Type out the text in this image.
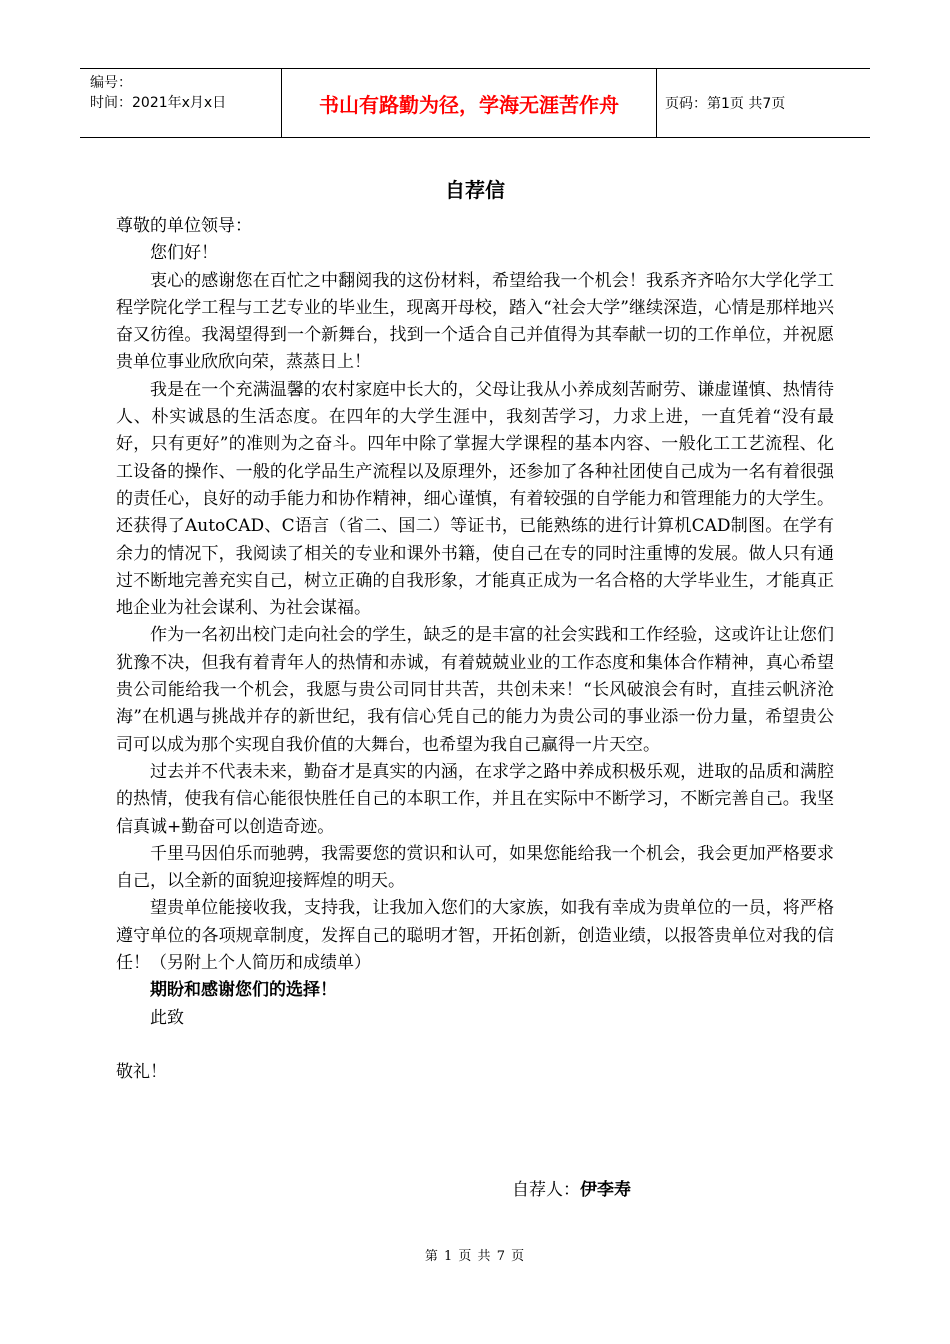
编号：
时间：2021年x月x日	书山有路勤为径，学海无涯苦作舟	页码：第1页 共7页
自荐信

尊敬的单位领导：

您们好！

衷心的感谢您在百忙之中翻阅我的这份材料，希望给我一个机会！我系齐齐哈尔大学化学工程学院化学工程与工艺专业的毕业生，现离开母校，踏入“社会大学”继续深造，心情是那样地兴奋又彷徨。我渴望得到一个新舞台，找到一个适合自己并值得为其奉献一切的工作单位，并祝愿贵单位事业欣欣向荣，蒸蒸日上！

我是在一个充满温馨的农村家庭中长大的，父母让我从小养成刻苦耐劳、谦虚谨慎、热情待人、朴实诚恳的生活态度。在四年的大学生涯中，我刻苦学习，力求上进，一直凭着“没有最好，只有更好”的准则为之奋斗。四年中除了掌握大学课程的基本内容、一般化工工艺流程、化工设备的操作、一般的化学品生产流程以及原理外，还参加了各种社团使自己成为一名有着很强的责任心，良好的动手能力和协作精神，细心谨慎，有着较强的自学能力和管理能力的大学生。还获得了AutoCAD、C语言（省二、国二）等证书，已能熟练的进行计算机CAD制图。在学有余力的情况下，我阅读了相关的专业和课外书籍，使自己在专的同时注重博的发展。做人只有通过不断地完善充实自己，树立正确的自我形象，才能真正成为一名合格的大学毕业生，才能真正地企业为社会谋利、为社会谋福。

作为一名初出校门走向社会的学生，缺乏的是丰富的社会实践和工作经验，这或许让让您们犹豫不决，但我有着青年人的热情和赤诚，有着兢兢业业的工作态度和集体合作精神，真心希望贵公司能给我一个机会，我愿与贵公司同甘共苦，共创未来！“长风破浪会有时，直挂云帆济沧海”在机遇与挑战并存的新世纪，我有信心凭自己的能力为贵公司的事业添一份力量，希望贵公司可以成为那个实现自我价值的大舞台，也希望为我自己赢得一片天空。

过去并不代表未来，勤奋才是真实的内涵，在求学之路中养成积极乐观，进取的品质和满腔的热情，使我有信心能很快胜任自己的本职工作，并且在实际中不断学习，不断完善自己。我坚信真诚+勤奋可以创造奇迹。

千里马因伯乐而驰骋，我需要您的赏识和认可，如果您能给我一个机会，我会更加严格要求自己，以全新的面貌迎接辉煌的明天。

望贵单位能接收我，支持我，让我加入您们的大家族，如我有幸成为贵单位的一员，将严格遵守单位的各项规章制度，发挥自己的聪明才智，开拓创新，创造业绩，以报答贵单位对我的信任！（另附上个人简历和成绩单）

期盼和感谢您们的选择！

此致

敬礼！

自荐人：伊李寿
第 1 页 共 7 页
